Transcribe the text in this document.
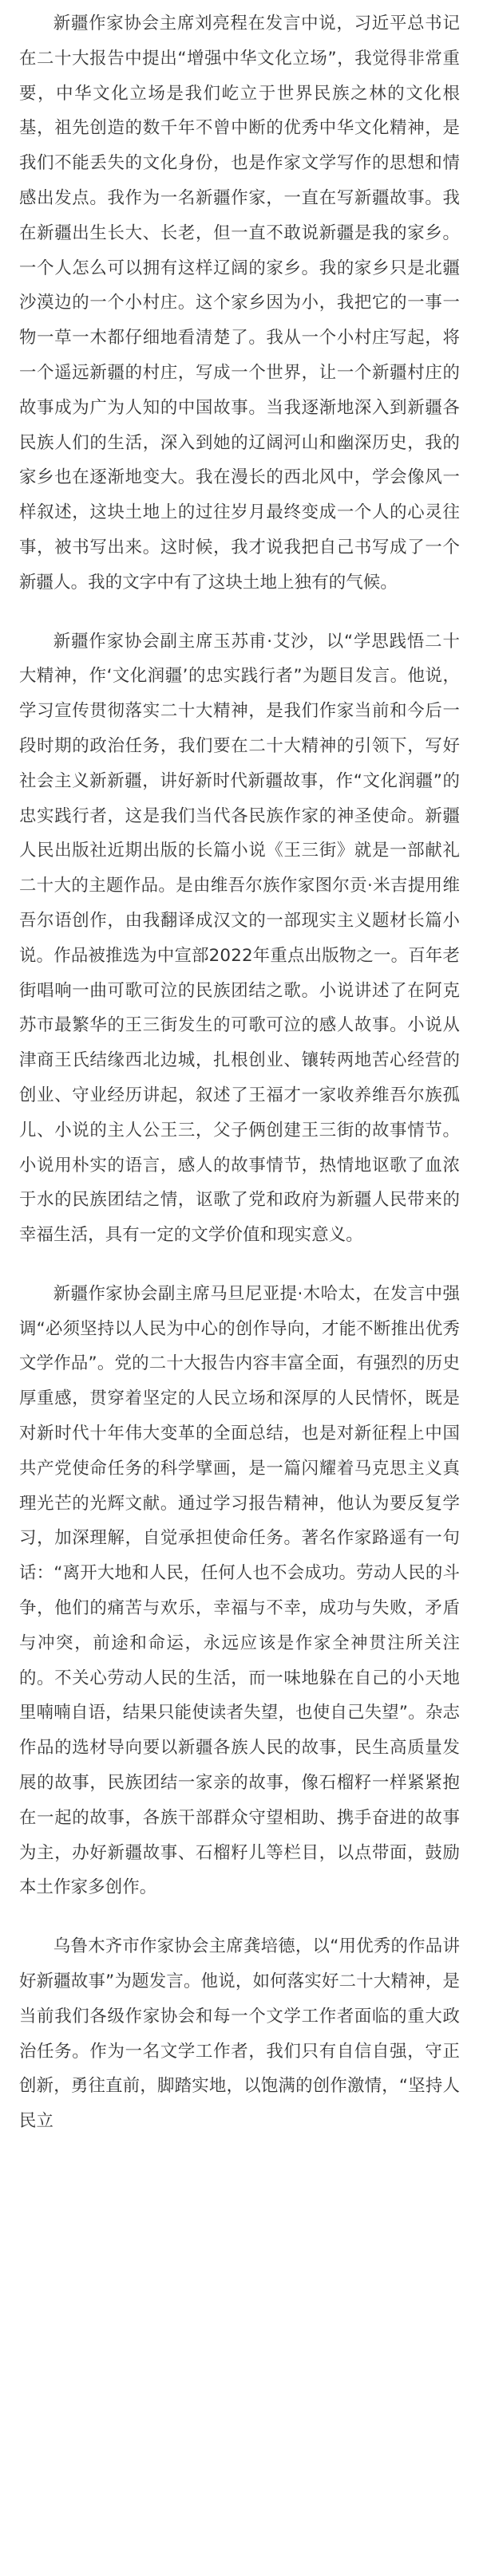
新疆作家协会主席刘亮程在发言中说，习近平总书记在二十大报告中提出“增强中华文化立场”，我觉得非常重要，中华文化立场是我们屹立于世界民族之林的文化根基，祖先创造的数千年不曾中断的优秀中华文化精神，是我们不能丢失的文化身份，也是作家文学写作的思想和情感出发点。我作为一名新疆作家，一直在写新疆故事。我在新疆出生长大、长老，但一直不敢说新疆是我的家乡。一个人怎么可以拥有这样辽阔的家乡。我的家乡只是北疆沙漠边的一个小村庄。这个家乡因为小，我把它的一事一物一草一木都仔细地看清楚了。我从一个小村庄写起，将一个遥远新疆的村庄，写成一个世界，让一个新疆村庄的故事成为广为人知的中国故事。当我逐渐地深入到新疆各民族人们的生活，深入到她的辽阔河山和幽深历史，我的家乡也在逐渐地变大。我在漫长的西北风中，学会像风一样叙述，这块土地上的过往岁月最终变成一个人的心灵往事，被书写出来。这时候，我才说我把自己书写成了一个新疆人。我的文字中有了这块土地上独有的气候。

新疆作家协会副主席玉苏甫·艾沙，以“学思践悟二十大精神，作‘文化润疆’的忠实践行者”为题目发言。他说，学习宣传贯彻落实二十大精神，是我们作家当前和今后一段时期的政治任务，我们要在二十大精神的引领下，写好社会主义新新疆，讲好新时代新疆故事，作“文化润疆”的忠实践行者，这是我们当代各民族作家的神圣使命。新疆人民出版社近期出版的长篇小说《王三街》就是一部献礼二十大的主题作品。是由维吾尔族作家图尔贡·米吉提用维吾尔语创作，由我翻译成汉文的一部现实主义题材长篇小说。作品被推选为中宣部2022年重点出版物之一。百年老街唱响一曲可歌可泣的民族团结之歌。小说讲述了在阿克苏市最繁华的王三街发生的可歌可泣的感人故事。小说从津商王氏结缘西北边城，扎根创业、镶转两地苦心经营的创业、守业经历讲起，叙述了王福才一家收养维吾尔族孤儿、小说的主人公王三，父子俩创建王三街的故事情节。小说用朴实的语言，感人的故事情节，热情地讴歌了血浓于水的民族团结之情，讴歌了党和政府为新疆人民带来的幸福生活，具有一定的文学价值和现实意义。

新疆作家协会副主席马旦尼亚提·木哈太，在发言中强调“必须坚持以人民为中心的创作导向，才能不断推出优秀文学作品”。党的二十大报告内容丰富全面，有强烈的历史厚重感，贯穿着坚定的人民立场和深厚的人民情怀，既是对新时代十年伟大变革的全面总结，也是对新征程上中国共产党使命任务的科学擘画，是一篇闪耀着马克思主义真理光芒的光辉文献。通过学习报告精神，他认为要反复学习，加深理解，自觉承担使命任务。著名作家路遥有一句话：“离开大地和人民，任何人也不会成功。劳动人民的斗争，他们的痛苦与欢乐，幸福与不幸，成功与失败，矛盾与冲突，前途和命运，永远应该是作家全神贯注所关注的。不关心劳动人民的生活，而一味地躲在自己的小天地里喃喃自语，结果只能使读者失望，也使自己失望”。杂志作品的选材导向要以新疆各族人民的故事，民生高质量发展的故事，民族团结一家亲的故事，像石榴籽一样紧紧抱在一起的故事，各族干部群众守望相助、携手奋进的故事为主，办好新疆故事、石榴籽儿等栏目，以点带面，鼓励本土作家多创作。

乌鲁木齐市作家协会主席龚培德，以“用优秀的作品讲好新疆故事”为题发言。他说，如何落实好二十大精神，是当前我们各级作家协会和每一个文学工作者面临的重大政治任务。作为一名文学工作者，我们只有自信自强，守正创新，勇往直前，脚踏实地，以饱满的创作激情，“坚持人民立
